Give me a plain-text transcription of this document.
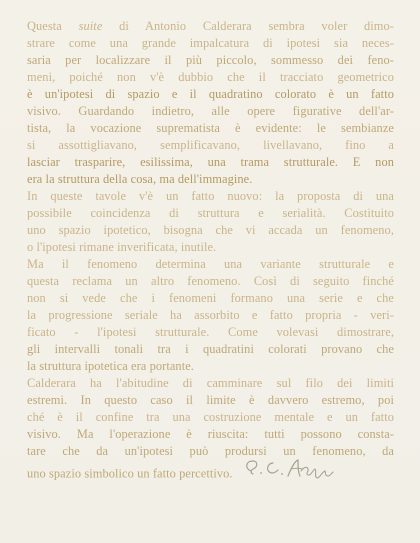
Questa suite di Antonio Calderara sembra voler dimo-
strare come una grande impalcatura di ipotesi sia neces-
saria per localizzare il più piccolo, sommesso dei feno-
meni, poiché non v'è dubbio che il tracciato geometrico
è un'ipotesi di spazio e il quadratino colorato è un fatto
visivo. Guardando indietro, alle opere figurative dell'ar-
tista, la vocazione suprematista è evidente: le sembianze
si assottigliavano, semplificavano, livellavano, fino a
lasciar trasparire, esilissima, una trama strutturale. E non
era la struttura della cosa, ma dell'immagine.
In queste tavole v'è un fatto nuovo: la proposta di una
possibile coincidenza di struttura e serialità. Costituito
uno spazio ipotetico, bisogna che vi accada un fenomeno,
o l'ipotesi rimane inverificata, inutile.
Ma il fenomeno determina una variante strutturale e
questa reclama un altro fenomeno. Così di seguito finché
non si vede che i fenomeni formano una serie e che
la progressione seriale ha assorbito e fatto propria - veri-
ficato - l'ipotesi strutturale. Come volevasi dimostrare,
gli intervalli tonali tra i quadratini colorati provano che
la struttura ipotetica era portante.
Calderara ha l'abitudine di camminare sul filo dei limiti
estremi. In questo caso il limite è davvero estremo, poi
ché è il confine tra una costruzione mentale e un fatto
visivo. Ma l'operazione è riuscita: tutti possono consta-
tare che da un'ipotesi può prodursi un fenomeno, da
uno spazio simbolico un fatto percettivo.
